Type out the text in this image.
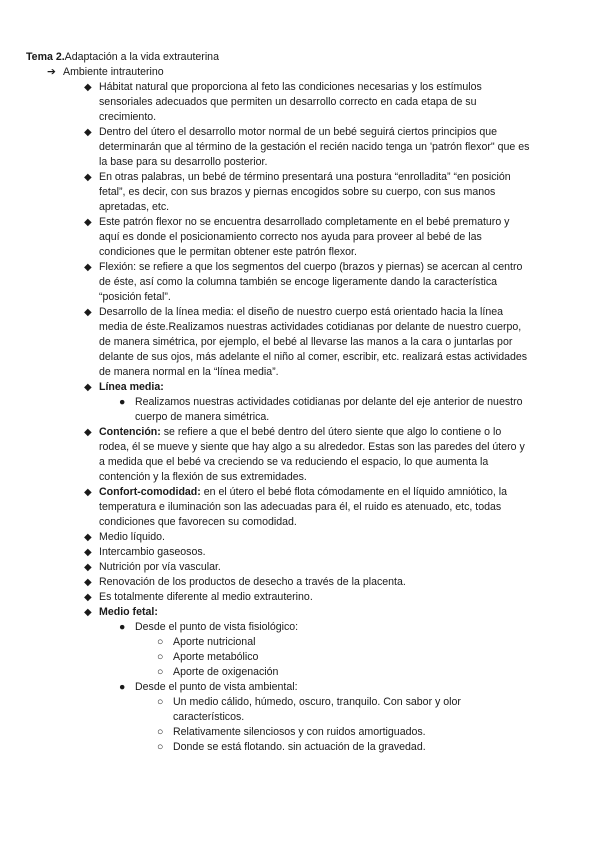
Tema 2.Adaptación a la vida extrauterina
➔ Ambiente intrauterino
◆ Hábitat natural que proporciona al feto las condiciones necesarias y los estímulos sensoriales adecuados que permiten un desarrollo correcto en cada etapa de su crecimiento.
◆ Dentro del útero el desarrollo motor normal de un bebé seguirá ciertos principios que determinarán que al término de la gestación el recién nacido tenga un 'patrón flexor" que es la base para su desarrollo posterior.
◆ En otras palabras, un bebé de término presentará una postura “enrolladita” “en posición fetal”, es decir, con sus brazos y piernas encogidos sobre su cuerpo, con sus manos apretadas, etc.
◆ Este patrón flexor no se encuentra desarrollado completamente en el bebé prematuro y aquí es donde el posicionamiento correcto nos ayuda para proveer al bebé de las condiciones que le permitan obtener este patrón flexor.
◆ Flexión: se refiere a que los segmentos del cuerpo (brazos y piernas) se acercan al centro de éste, así como la columna también se encoge ligeramente dando la característica “posición fetal”.
◆ Desarrollo de la línea media: el diseño de nuestro cuerpo está orientado hacia la línea media de éste.Realizamos nuestras actividades cotidianas por delante de nuestro cuerpo, de manera simétrica, por ejemplo, el bebé al llevarse las manos a la cara o juntarlas por delante de sus ojos, más adelante el niño al comer, escribir, etc. realizará estas actividades de manera normal en la “línea media”.
◆ Línea media:
● Realizamos nuestras actividades cotidianas por delante del eje anterior de nuestro cuerpo de manera simétrica.
◆ Contención: se refiere a que el bebé dentro del útero siente que algo lo contiene o lo rodea, él se mueve y siente que hay algo a su alrededor. Estas son las paredes del útero y a medida que el bebé va creciendo se va reduciendo el espacio, lo que aumenta la contención y la flexión de sus extremidades.
◆ Confort-comodidad: en el útero el bebé flota cómodamente en el líquido amniótico, la temperatura e iluminación son las adecuadas para él, el ruido es atenuado, etc, todas condiciones que favorecen su comodidad.
◆ Medio líquido.
◆ Intercambio gaseosos.
◆ Nutrición por vía vascular.
◆ Renovación de los productos de desecho a través de la placenta.
◆ Es totalmente diferente al medio extrauterino.
◆ Medio fetal:
● Desde el punto de vista fisiológico:
○ Aporte nutricional
○ Aporte metabólico
○ Aporte de oxigenación
● Desde el punto de vista ambiental:
○ Un medio cálido, húmedo, oscuro, tranquilo. Con sabor y olor característicos.
○ Relativamente silenciosos y con ruidos amortiguados.
○ Donde se está flotando. sin actuación de la gravedad.
